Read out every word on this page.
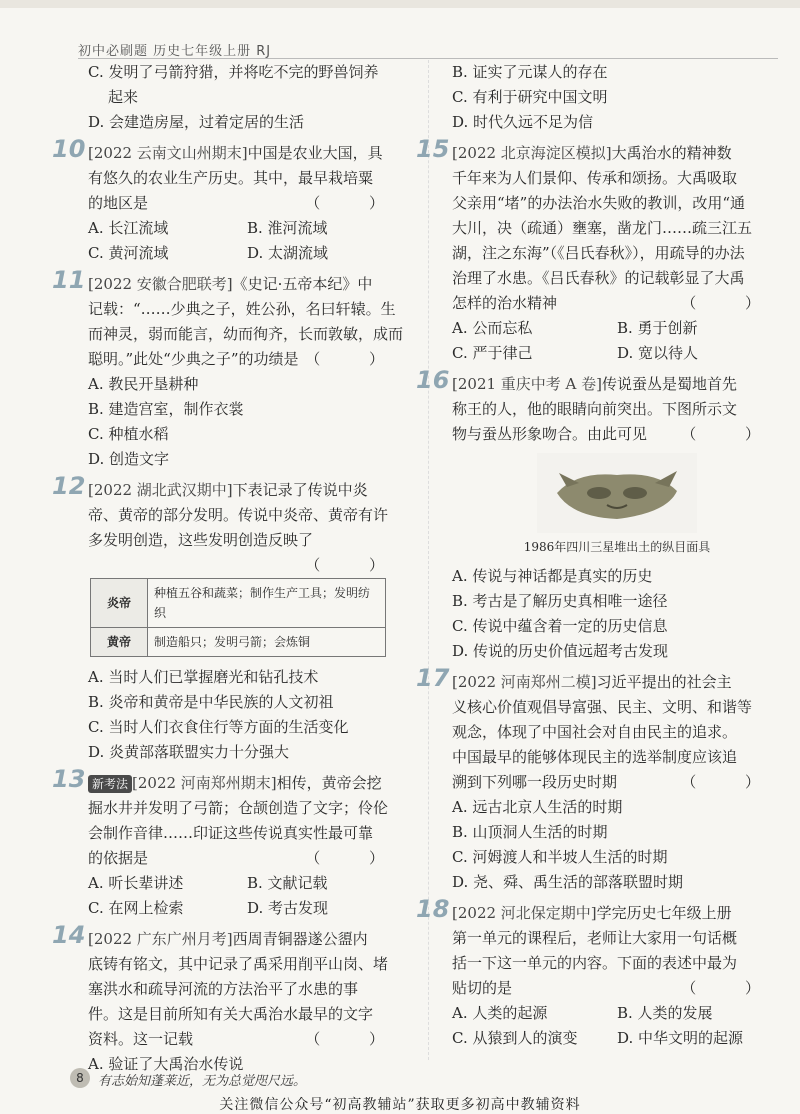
初中必刷题 历史七年级上册 RJ

C. 发明了弓箭狩猎，并将吃不完的野兽饲养

起来

D. 会建造房屋，过着定居的生活

10 [2022 云南文山州期末]中国是农业大国，具
有悠久的农业生产历史。其中，最早栽培粟
的地区是	（ ）
A. 长江流域	B. 淮河流域
C. 黄河流域	D. 太湖流域
11 [2022 安徽合肥联考]《史记·五帝本纪》中
记载：“……少典之子，姓公孙，名曰轩辕。生
而神灵，弱而能言，幼而徇齐，长而敦敏，成而
聪明。”此处“少典之子”的功绩是 （ ）
A. 教民开垦耕种
B. 建造宫室，制作衣裳
C. 种植水稻
D. 创造文字
12 [2022 湖北武汉期中]下表记录了传说中炎
帝、黄帝的部分发明。传说中炎帝、黄帝有许
多发明创造，这些发明创造反映了
（ ）
炎帝	种植五谷和蔬菜；制作生产工具；发明纺织
黄帝	制造船只；发明弓箭；会炼铜
A. 当时人们已掌握磨光和钻孔技术
B. 炎帝和黄帝是中华民族的人文初祖
C. 当时人们衣食住行等方面的生活变化
D. 炎黄部落联盟实力十分强大
13 新考法 [2022 河南郑州期末]相传，黄帝会挖
掘水井并发明了弓箭；仓颉创造了文字；伶伦
会制作音律……印证这些传说真实性最可靠
的依据是	（ ）
A. 听长辈讲述	B. 文献记载
C. 在网上检索	D. 考古发现
14 [2022 广东广州月考]西周青铜器遂公盨内
底铸有铭文，其中记录了禹采用削平山岗、堵
塞洪水和疏导河流的方法治平了水患的事
件。这是目前所知有关大禹治水最早的文字
资料。这一记载	（ ）
A. 验证了大禹治水传说
B. 证实了元谋人的存在
C. 有利于研究中国文明
D. 时代久远不足为信
15 [2022 北京海淀区模拟]大禹治水的精神数
千年来为人们景仰、传承和颂扬。大禹吸取
父亲用“堵”的办法治水失败的教训，改用“通
大川，决（疏通）壅塞，凿龙门……疏三江五
湖，注之东海”（《吕氏春秋》），用疏导的办法
治理了水患。《吕氏春秋》的记载彰显了大禹
怎样的治水精神	（ ）
A. 公而忘私	B. 勇于创新
C. 严于律己	D. 宽以待人
16 [2021 重庆中考 A 卷]传说蚕丛是蜀地首先
称王的人，他的眼睛向前突出。下图所示文
物与蚕丛形象吻合。由此可见 （ ）
1986年四川三星堆出土的纵目面具
A. 传说与神话都是真实的历史
B. 考古是了解历史真相唯一途径
C. 传说中蕴含着一定的历史信息
D. 传说的历史价值远超考古发现
17 [2022 河南郑州二模]习近平提出的社会主
义核心价值观倡导富强、民主、文明、和谐等
观念，体现了中国社会对自由民主的追求。
中国最早的能够体现民主的选举制度应该追
溯到下列哪一段历史时期	（ ）
A. 远古北京人生活的时期
B. 山顶洞人生活的时期
C. 河姆渡人和半坡人生活的时期
D. 尧、舜、禹生活的部落联盟时期
18 [2022 河北保定期中]学完历史七年级上册
第一单元的课程后，老师让大家用一句话概
括一下这一单元的内容。下面的表述中最为
贴切的是	（ ）
A. 人类的起源	B. 人类的发展
C. 从猿到人的演变	D. 中华文明的起源
8	有志始知蓬莱近，无为总觉咫尺远。
关注微信公众号“初高教辅站”获取更多初高中教辅资料
